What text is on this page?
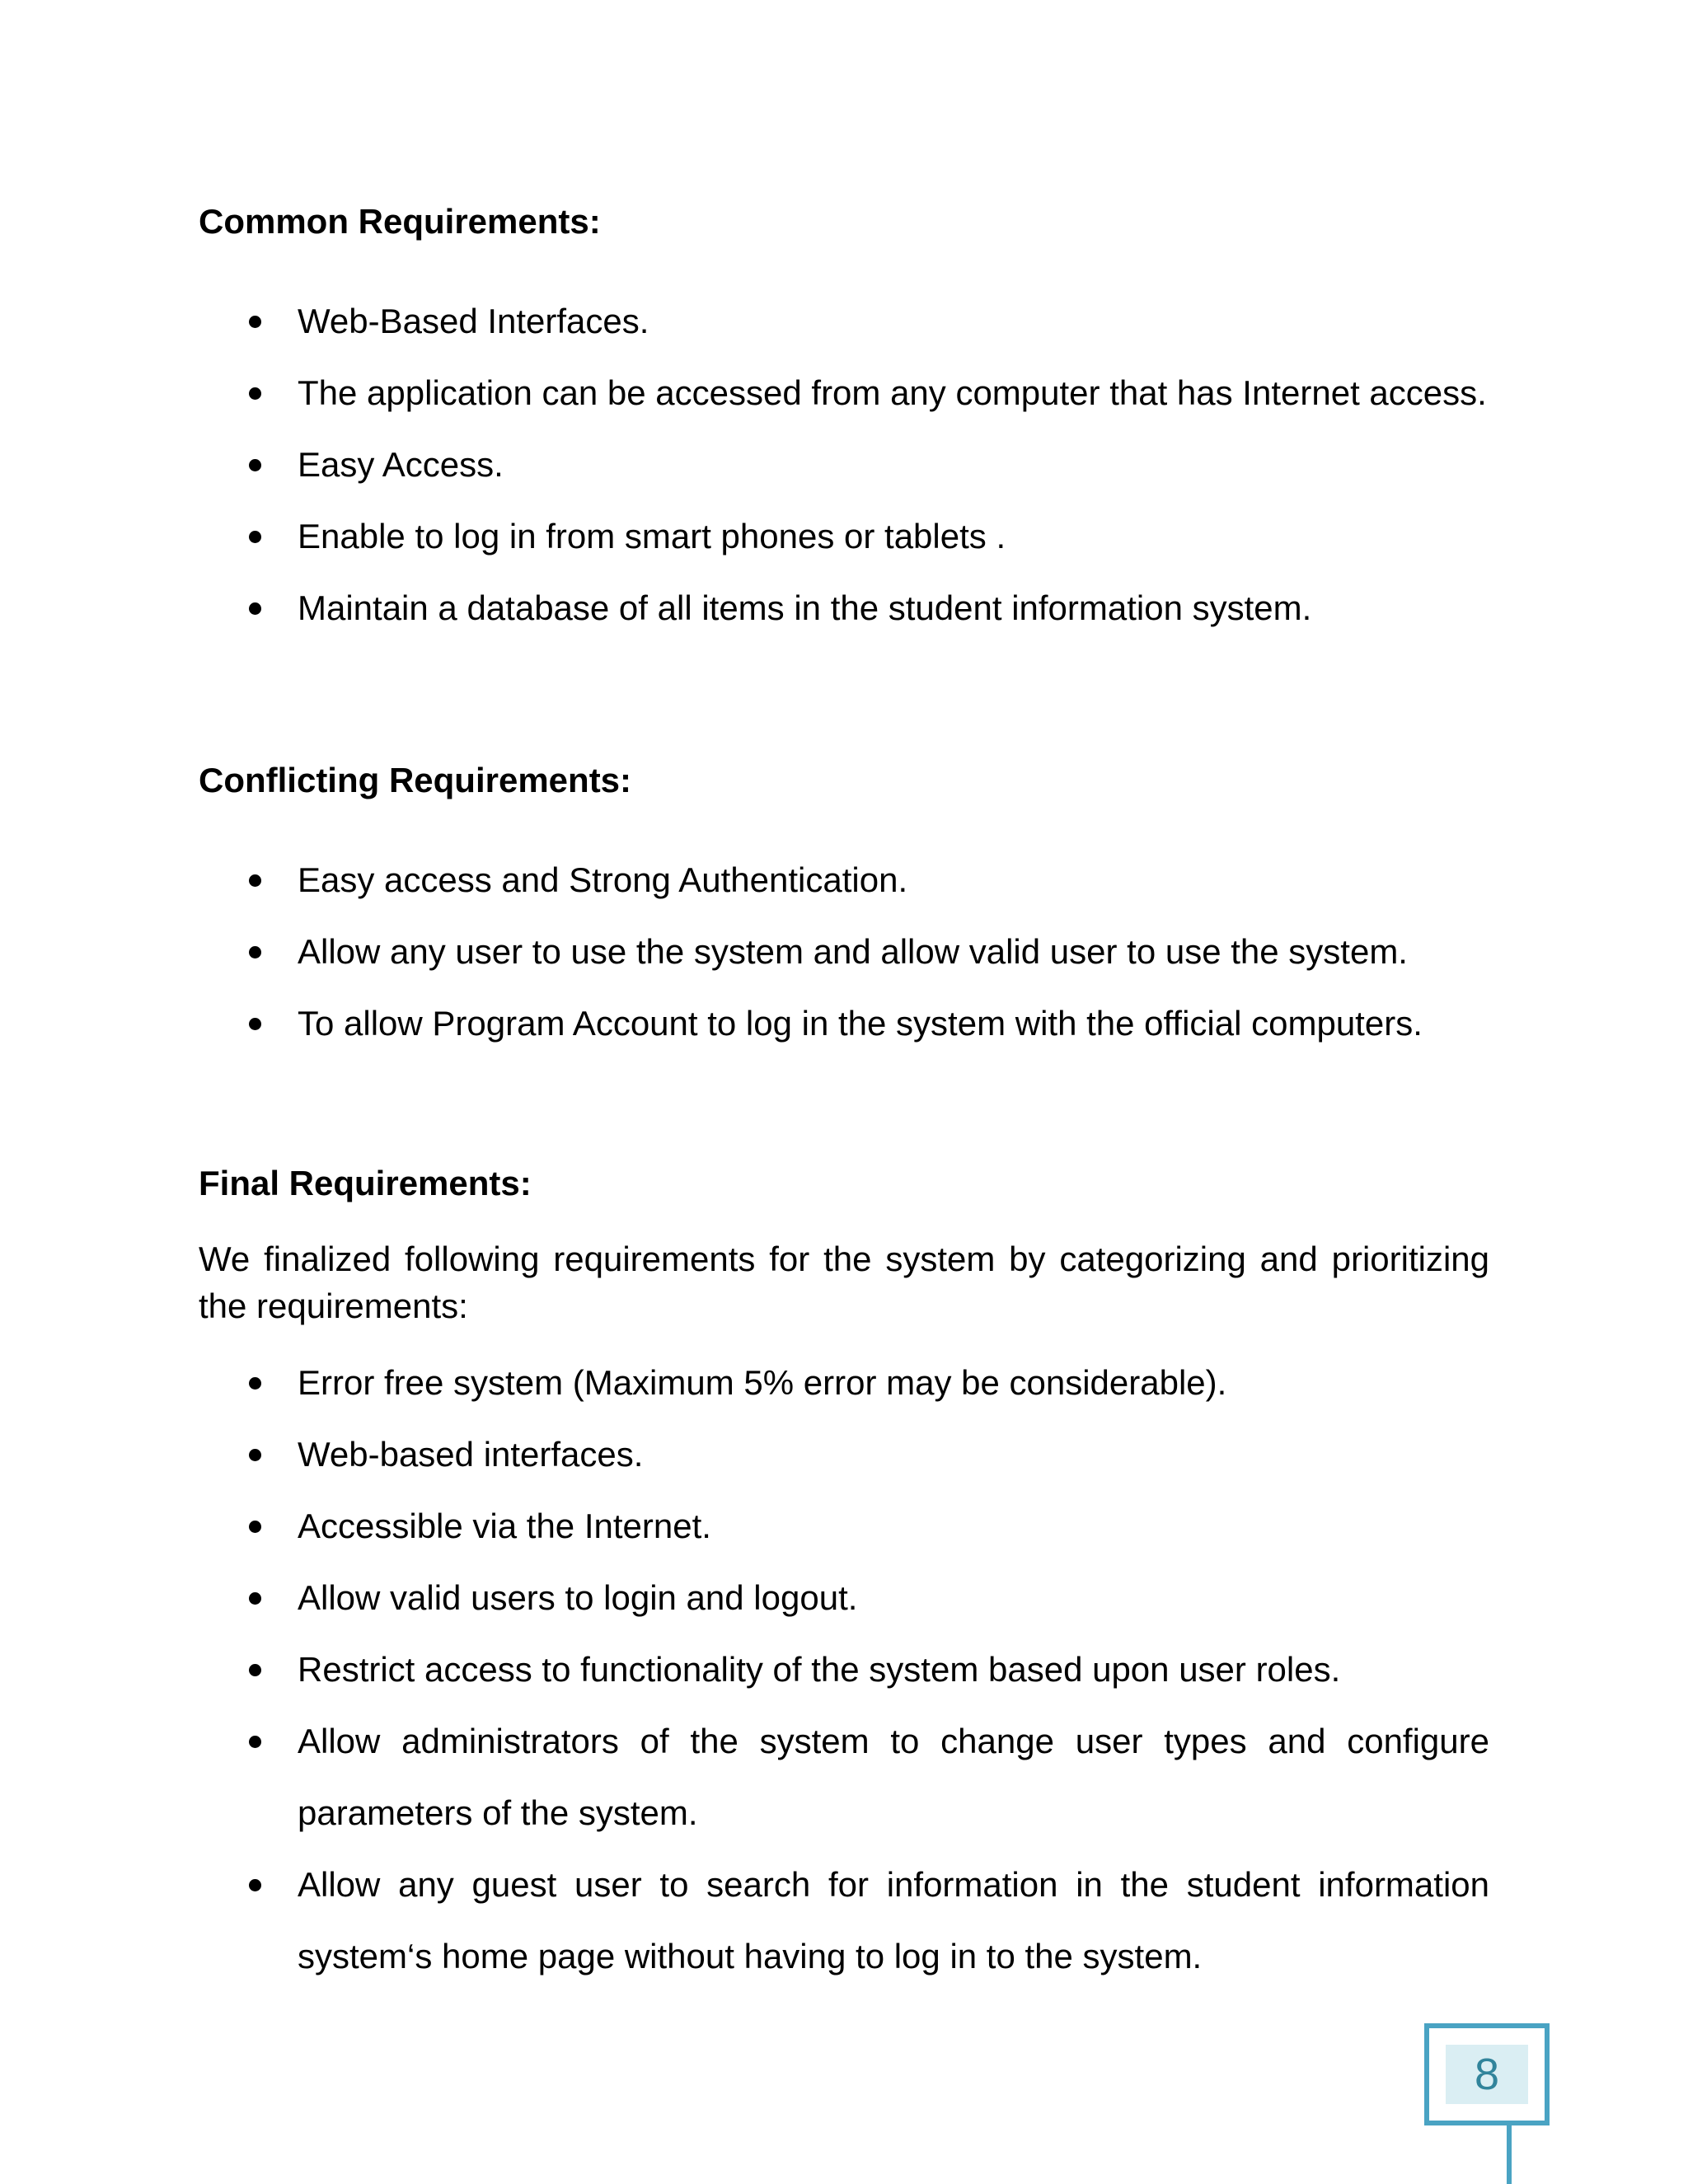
Common Requirements:
Web-Based Interfaces.
The application can be accessed from any computer that has Internet access.
Easy Access.
Enable to log in from smart phones or tablets .
Maintain a database of all items in the student information system.
Conflicting Requirements:
Easy access and Strong Authentication.
Allow any user to use the system and allow valid user to use the system.
To allow Program Account to log in the system with the official computers.
Final Requirements:

We finalized following requirements for the system by categorizing and prioritizing the requirements:

Error free system (Maximum 5% error may be considerable).
Web-based interfaces.
Accessible via the Internet.
Allow valid users to login and logout.
Restrict access to functionality of the system based upon user roles.
Allow administrators of the system to change user types and configure parameters of the system.
Allow any guest user to search for information in the student information system‘s home page without having to log in to the system.
8
